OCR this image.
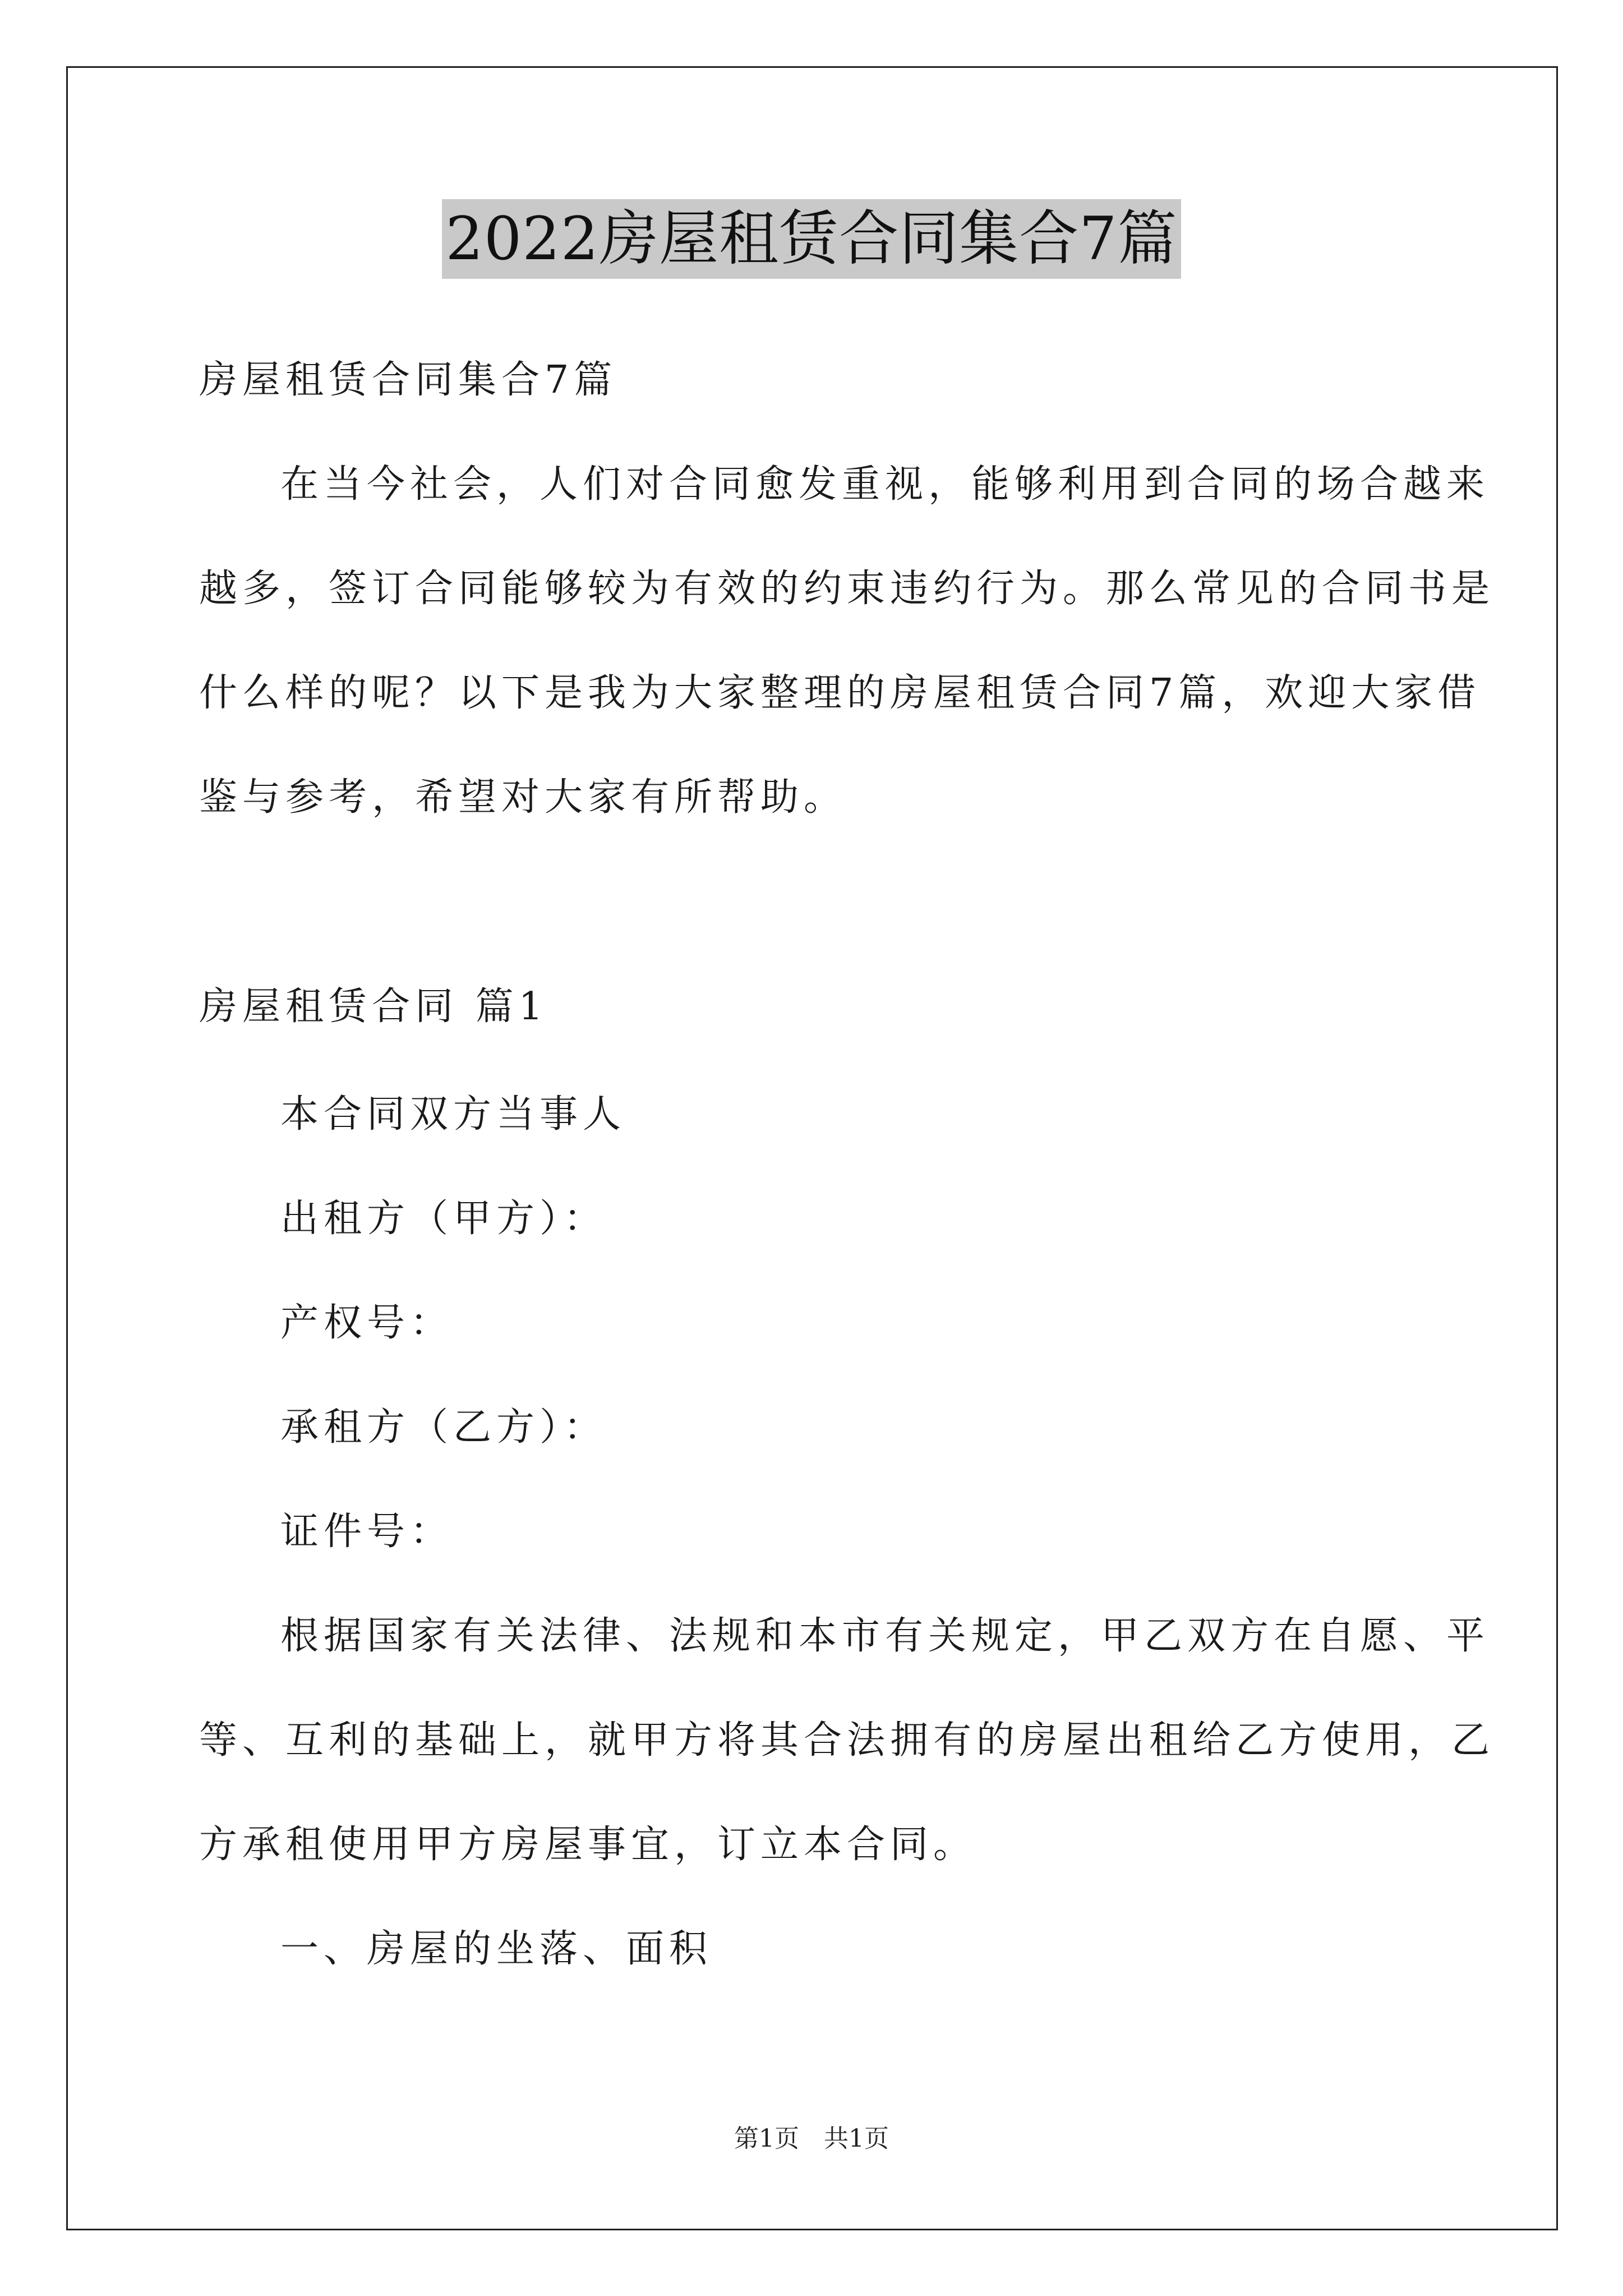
2022房屋租赁合同集合7篇
房屋租赁合同集合7篇
在当今社会，人们对合同愈发重视，能够利用到合同的场合越来
越多，签订合同能够较为有效的约束违约行为。那么常见的合同书是
什么样的呢？以下是我为大家整理的房屋租赁合同7篇，欢迎大家借
鉴与参考，希望对大家有所帮助。
房屋租赁合同 篇1
本合同双方当事人
出租方（甲方）：
产权号：
承租方（乙方）：
证件号：
根据国家有关法律、法规和本市有关规定，甲乙双方在自愿、平
等、互利的基础上，就甲方将其合法拥有的房屋出租给乙方使用，乙
方承租使用甲方房屋事宜，订立本合同。
一、房屋的坐落、面积
第1页　共1页
